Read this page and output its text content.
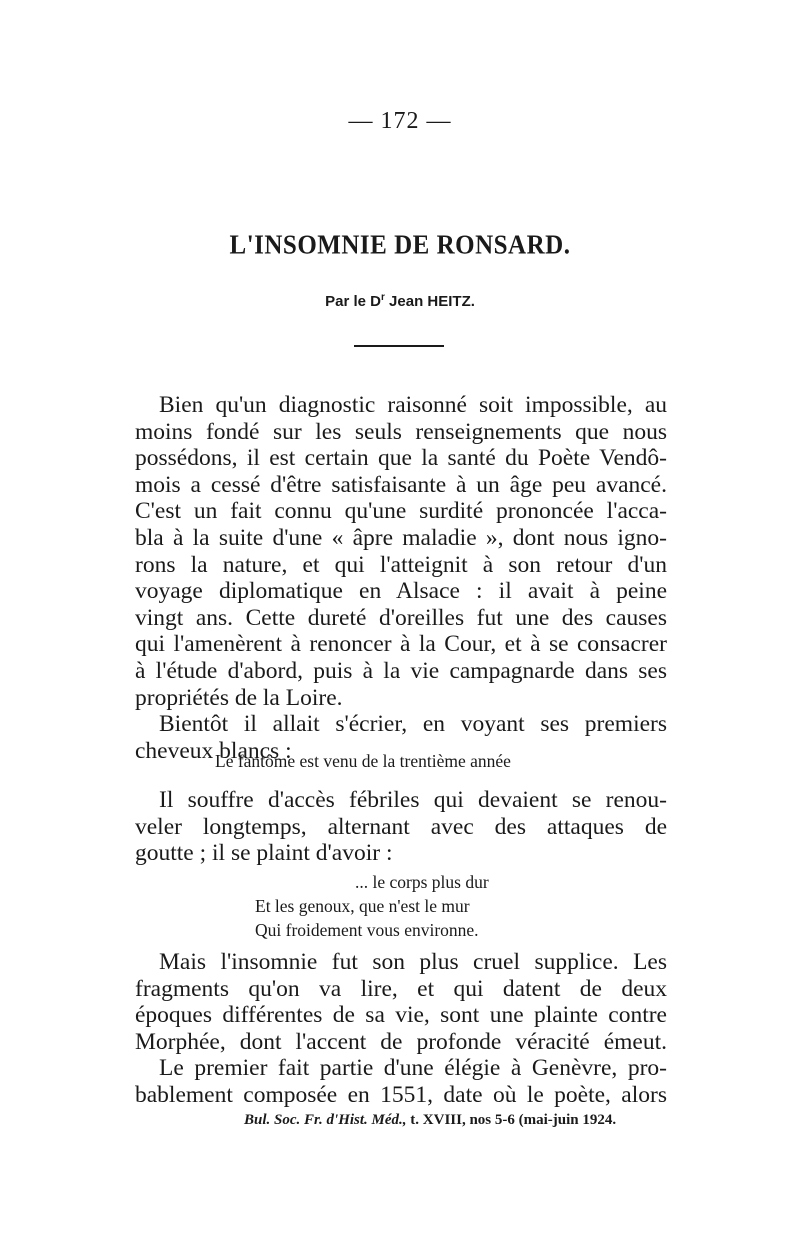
— 172 —
L'INSOMNIE DE RONSARD.
Par le $D^r$ Jean HEITZ.
Bien qu'un diagnostic raisonné soit impossible, au
moins fondé sur les seuls renseignements que nous
possédons, il est certain que la santé du Poète Vendô-
mois a cessé d'être satisfaisante à un âge peu avancé.
C'est un fait connu qu'une surdité prononcée l'acca-
bla à la suite d'une « âpre maladie », dont nous igno-
rons la nature, et qui l'atteignit à son retour d'un
voyage diplomatique en Alsace : il avait à peine
vingt ans. Cette dureté d'oreilles fut une des causes
qui l'amenèrent à renoncer à la Cour, et à se consacrer
à l'étude d'abord, puis à la vie campagnarde dans ses
propriétés de la Loire.
Bientôt il allait s'écrier, en voyant ses premiers
cheveux blancs :
Le fantôme est venu de la trentième année
Il souffre d'accès fébriles qui devaient se renou-
veler longtemps, alternant avec des attaques de
goutte ; il se plaint d'avoir :
... le corps plus dur
Et les genoux, que n'est le mur
Qui froidement vous environne.
Mais l'insomnie fut son plus cruel supplice. Les
fragments qu'on va lire, et qui datent de deux
époques différentes de sa vie, sont une plainte contre
Morphée, dont l'accent de profonde véracité émeut.
Le premier fait partie d'une élégie à Genèvre, pro-
bablement composée en 1551, date où le poète, alors
Bul. Soc. Fr. d'Hist. Méd., t. XVIII, nos 5-6 (mai-juin 1924.
